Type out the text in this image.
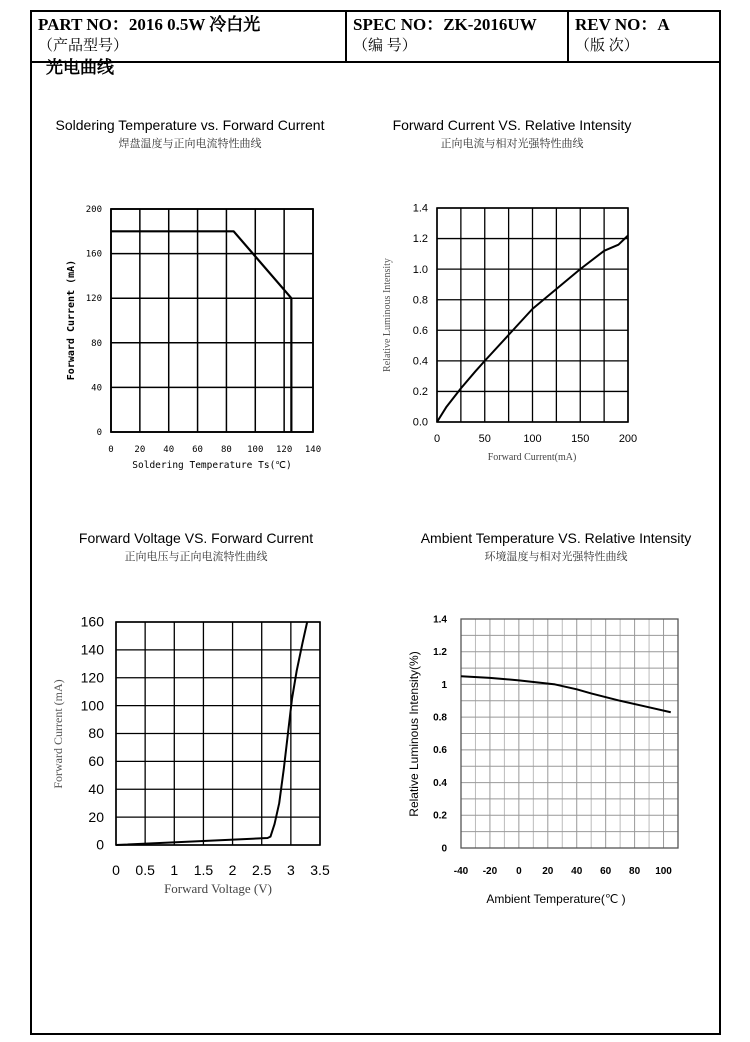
PART NO：2016 0.5W 冷白光
（产品型号）
SPEC NO：ZK-2016UW
（编 号）
REV NO：A
（版 次）
光电曲线
Soldering Temperature vs. Forward Current
焊盘温度与正向电流特性曲线
Forward Current VS. Relative Intensity
正向电流与相对光强特性曲线
Forward Voltage VS. Forward Current
正向电压与正向电流特性曲线
Ambient Temperature VS. Relative Intensity
环境温度与相对光强特性曲线
0 20 40 60 80 100 120 140
0
40
80
120
160
200
Soldering Temperature Ts(℃)
Forward Current (mA)
0	50	100	150	200
0.0
0.2
0.4
0.6
0.8
1.0
1.2
1.4
Forward Current(mA)
Relative Luminous Intensity
0 0.5 1 1.5 2 2.5 3 3.5
0
20
40
60
80
100
120
140
160
Forward Voltage (V)
Forward Current (mA)
-40 -20 0 20 40 60 80 100
0
0.2
0.4
0.6
0.8
1
1.2
1.4
Ambient Temperature(℃ )
Relative Luminous Intensity(%)
